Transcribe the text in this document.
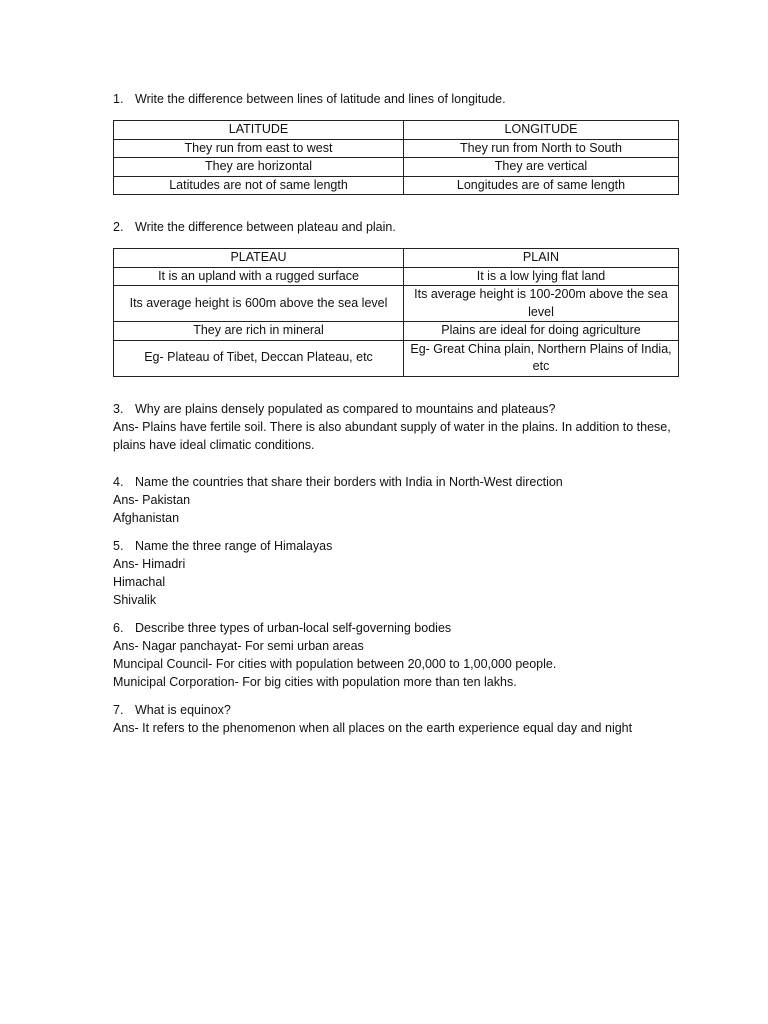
1. Write the difference between lines of latitude and lines of longitude.
LATITUDE	LONGITUDE
They run from east to west	They run from North to South
They are horizontal	They are vertical
Latitudes are not of same length	Longitudes are of same length
2. Write the difference between plateau and plain.
PLATEAU	PLAIN
It is an upland with a rugged surface	It is a low lying flat land
Its average height is 600m above the sea level	Its average height is 100-200m above the sea level
They are rich in mineral	Plains are ideal for doing agriculture
Eg- Plateau of Tibet, Deccan Plateau, etc	Eg- Great China plain, Northern Plains of India, etc
3. Why are plains densely populated as compared to mountains and plateaus?
Ans- Plains have fertile soil. There is also abundant supply of water in the plains. In addition to these,
plains have ideal climatic conditions.
4. Name the countries that share their borders with India in North-West direction
Ans- Pakistan
Afghanistan
5. Name the three range of Himalayas
Ans- Himadri
Himachal
Shivalik
6. Describe three types of urban-local self-governing bodies
Ans- Nagar panchayat- For semi urban areas
Muncipal Council- For cities with population between 20,000 to 1,00,000 people.
Municipal Corporation- For big cities with population more than ten lakhs.
7. What is equinox?
Ans- It refers to the phenomenon when all places on the earth experience equal day and night
